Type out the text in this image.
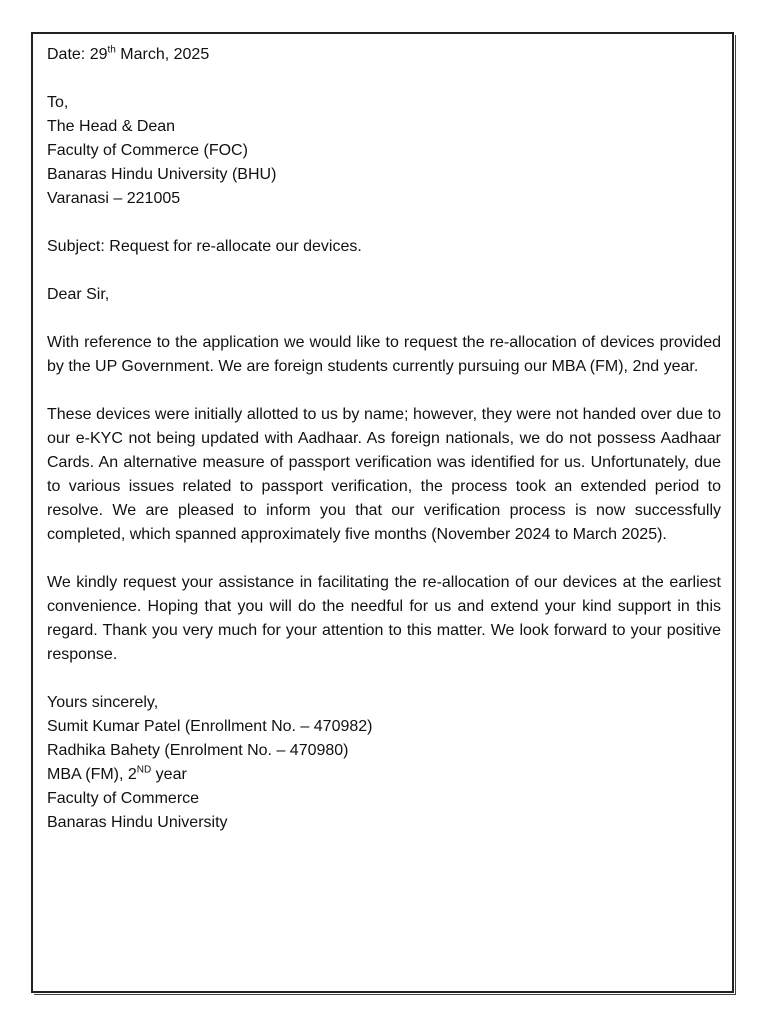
Date: 29th March, 2025
To,
The Head & Dean
Faculty of Commerce (FOC)
Banaras Hindu University (BHU)
Varanasi – 221005
Subject: Request for re-allocate our devices.
Dear Sir,

With reference to the application we would like to request the re-allocation of devices provided by the UP Government. We are foreign students currently pursuing our MBA (FM), 2nd year.

These devices were initially allotted to us by name; however, they were not handed over due to our e-KYC not being updated with Aadhaar. As foreign nationals, we do not possess Aadhaar Cards. An alternative measure of passport verification was identified for us. Unfortunately, due to various issues related to passport verification, the process took an extended period to resolve. We are pleased to inform you that our verification process is now successfully completed, which spanned approximately five months (November 2024 to March 2025).

We kindly request your assistance in facilitating the re-allocation of our devices at the earliest convenience. Hoping that you will do the needful for us and extend your kind support in this regard. Thank you very much for your attention to this matter. We look forward to your positive response.

Yours sincerely,
Sumit Kumar Patel (Enrollment No. – 470982)
Radhika Bahety (Enrolment No. – 470980)
MBA (FM), 2ND year
Faculty of Commerce
Banaras Hindu University
